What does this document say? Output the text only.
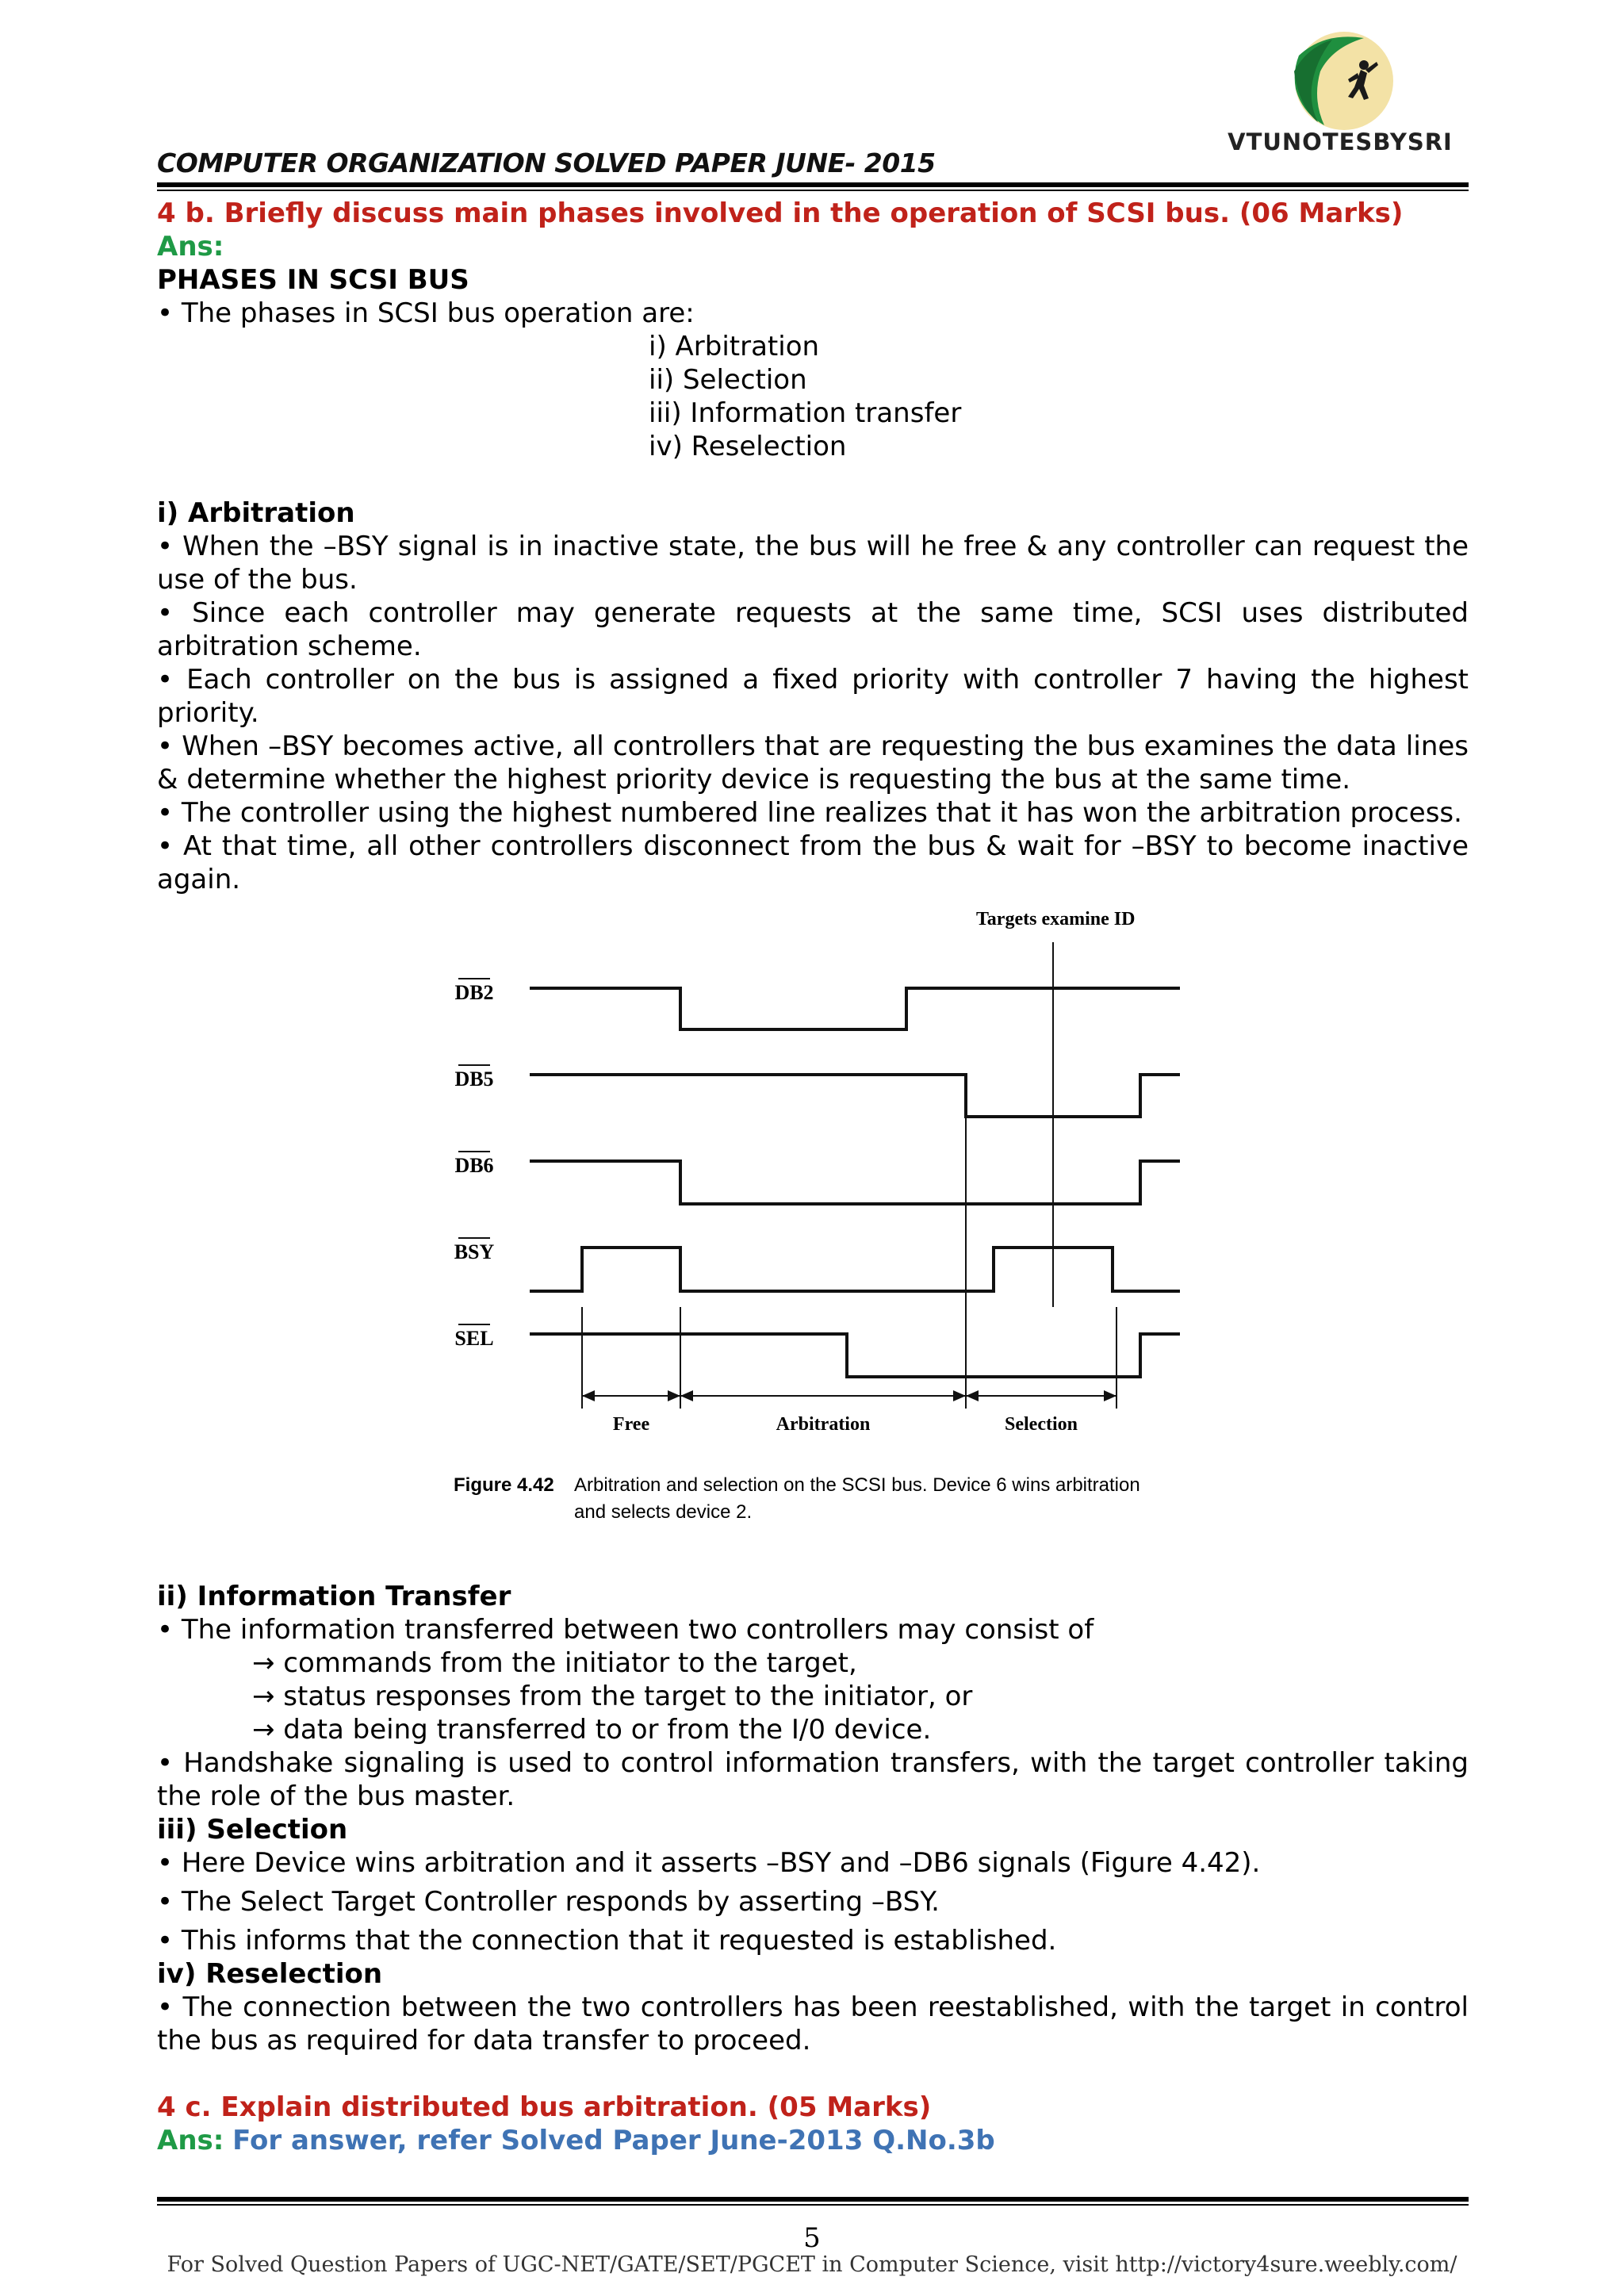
VTUNOTESBYSRI
COMPUTER ORGANIZATION SOLVED PAPER JUNE- 2015

4 b. Briefly discuss main phases involved in the operation of SCSI bus. (06 Marks)

Ans:

PHASES IN SCSI BUS

• The phases in SCSI bus operation are:

i) Arbitration

ii) Selection

iii) Information transfer

iv) Reselection

i) Arbitration

• When the –BSY signal is in inactive state, the bus will he free & any controller can request the use of the bus.

• Since each controller may generate requests at the same time, SCSI uses distributed arbitration scheme.

• Each controller on the bus is assigned a fixed priority with controller 7 having the highest priority.

• When –BSY becomes active, all controllers that are requesting the bus examines the data lines & determine whether the highest priority device is requesting the bus at the same time.

• The controller using the highest numbered line realizes that it has won the arbitration process.

• At that time, all other controllers disconnect from the bus & wait for –BSY to become inactive again.

Targets examine ID
DB2
DB5
DB6
BSY
SEL
Free	Arbitration	Selection
Figure 4.42 Arbitration and selection on the SCSI bus. Device 6 wins arbitration
and selects device 2.

ii) Information Transfer

• The information transferred between two controllers may consist of

→ commands from the initiator to the target,

→ status responses from the target to the initiator, or

→ data being transferred to or from the I/0 device.

• Handshake signaling is used to control information transfers, with the target controller taking the role of the bus master.

iii) Selection

• Here Device wins arbitration and it asserts –BSY and –DB6 signals (Figure 4.42).

• The Select Target Controller responds by asserting –BSY.

• This informs that the connection that it requested is established.

iv) Reselection

• The connection between the two controllers has been reestablished, with the target in control the bus as required for data transfer to proceed.

4 c. Explain distributed bus arbitration. (05 Marks)

Ans: For answer, refer Solved Paper June-2013 Q.No.3b

5
For Solved Question Papers of UGC-NET/GATE/SET/PGCET in Computer Science, visit http://victory4sure.weebly.com/
